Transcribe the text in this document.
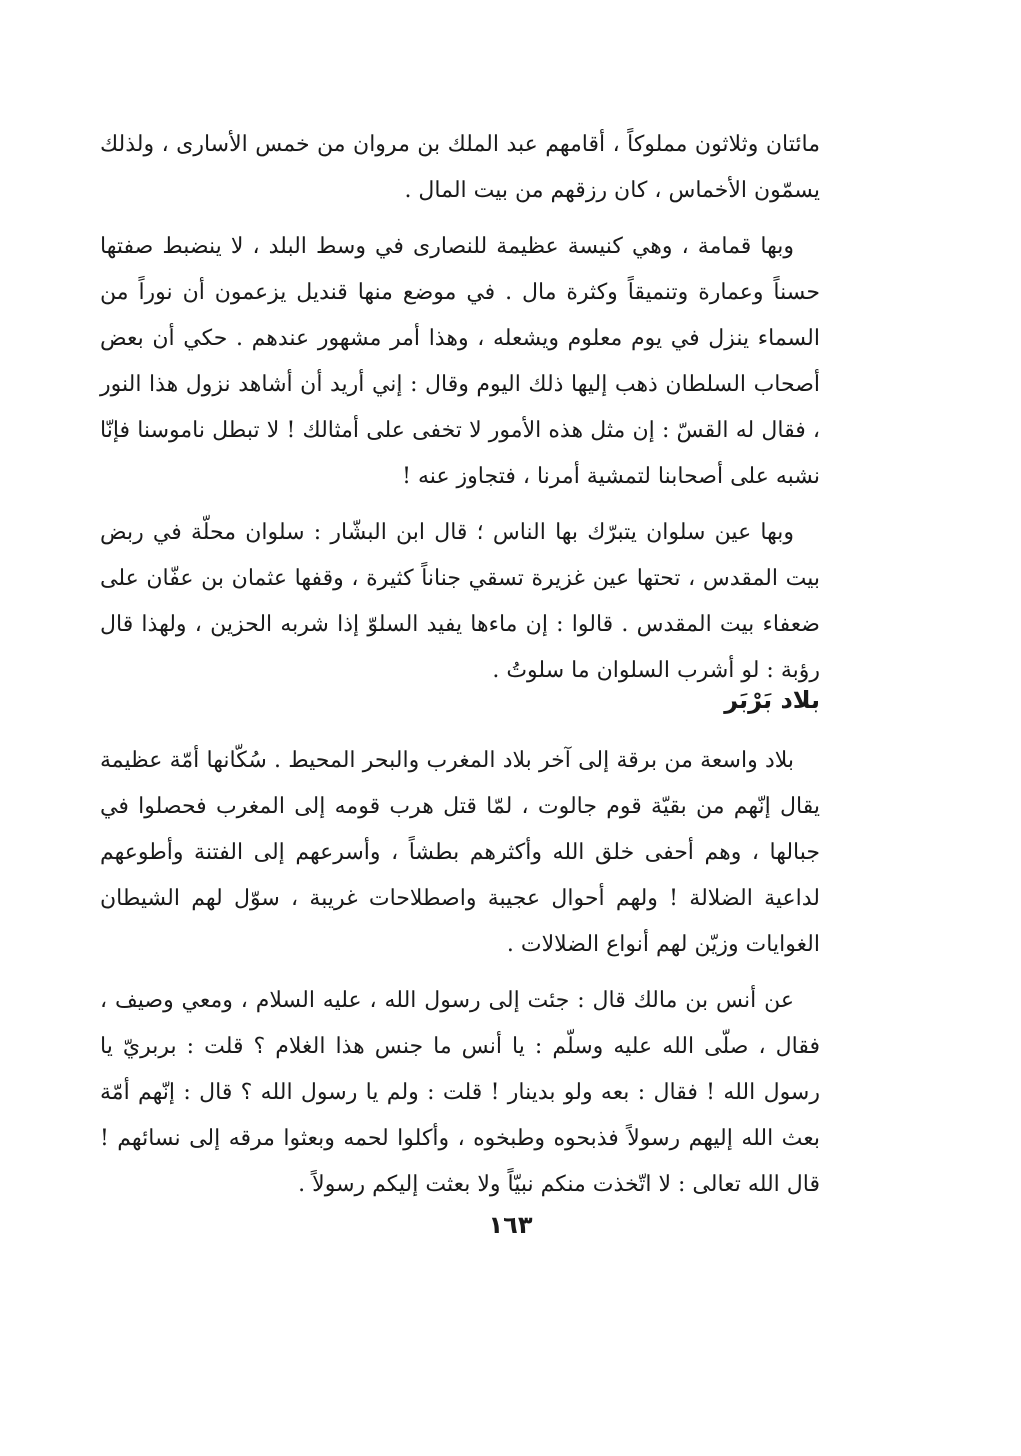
مائتان وثلاثون مملوكاً ، أقامهم عبد الملك بن مروان من خمس الأسارى ، ولذلك يسمّون الأخماس ، كان رزقهم من بيت المال .

وبها قمامة ، وهي كنيسة عظيمة للنصارى في وسط البلد ، لا ينضبط صفتها حسناً وعمارة وتنميقاً وكثرة مال . في موضع منها قنديل يزعمون أن نوراً من السماء ينزل في يوم معلوم ويشعله ، وهذا أمر مشهور عندهم . حكي أن بعض أصحاب السلطان ذهب إليها ذلك اليوم وقال : إني أريد أن أشاهد نزول هذا النور ، فقال له القسّ : إن مثل هذه الأمور لا تخفى على أمثالك ! لا تبطل ناموسنا فإنّا نشبه على أصحابنا لتمشية أمرنا ، فتجاوز عنه !

وبها عين سلوان يتبرّك بها الناس ؛ قال ابن البشّار : سلوان محلّة في ربض بيت المقدس ، تحتها عين غزيرة تسقي جناناً كثيرة ، وقفها عثمان بن عفّان على ضعفاء بيت المقدس . قالوا : إن ماءها يفيد السلوّ إذا شربه الحزين ، ولهذا قال رؤبة : لو أشرب السلوان ما سلوتُ .

بلاد بَرْبَر

بلاد واسعة من برقة إلى آخر بلاد المغرب والبحر المحيط . سُكّانها أمّة عظيمة يقال إنّهم من بقيّة قوم جالوت ، لمّا قتل هرب قومه إلى المغرب فحصلوا في جبالها ، وهم أحفى خلق الله وأكثرهم بطشاً ، وأسرعهم إلى الفتنة وأطوعهم لداعية الضلالة ! ولهم أحوال عجيبة واصطلاحات غريبة ، سوّل لهم الشيطان الغوايات وزيّن لهم أنواع الضلالات .

عن أنس بن مالك قال : جئت إلى رسول الله ، عليه السلام ، ومعي وصيف ، فقال ، صلّى الله عليه وسلّم : يا أنس ما جنس هذا الغلام ؟ قلت : بربريّ يا رسول الله ! فقال : بعه ولو بدينار ! قلت : ولم يا رسول الله ؟ قال : إنّهم أمّة بعث الله إليهم رسولاً فذبحوه وطبخوه ، وأكلوا لحمه وبعثوا مرقه إلى نسائهم ! قال الله تعالى : لا اتّخذت منكم نبيّاً ولا بعثت إليكم رسولاً .

١٦٣
